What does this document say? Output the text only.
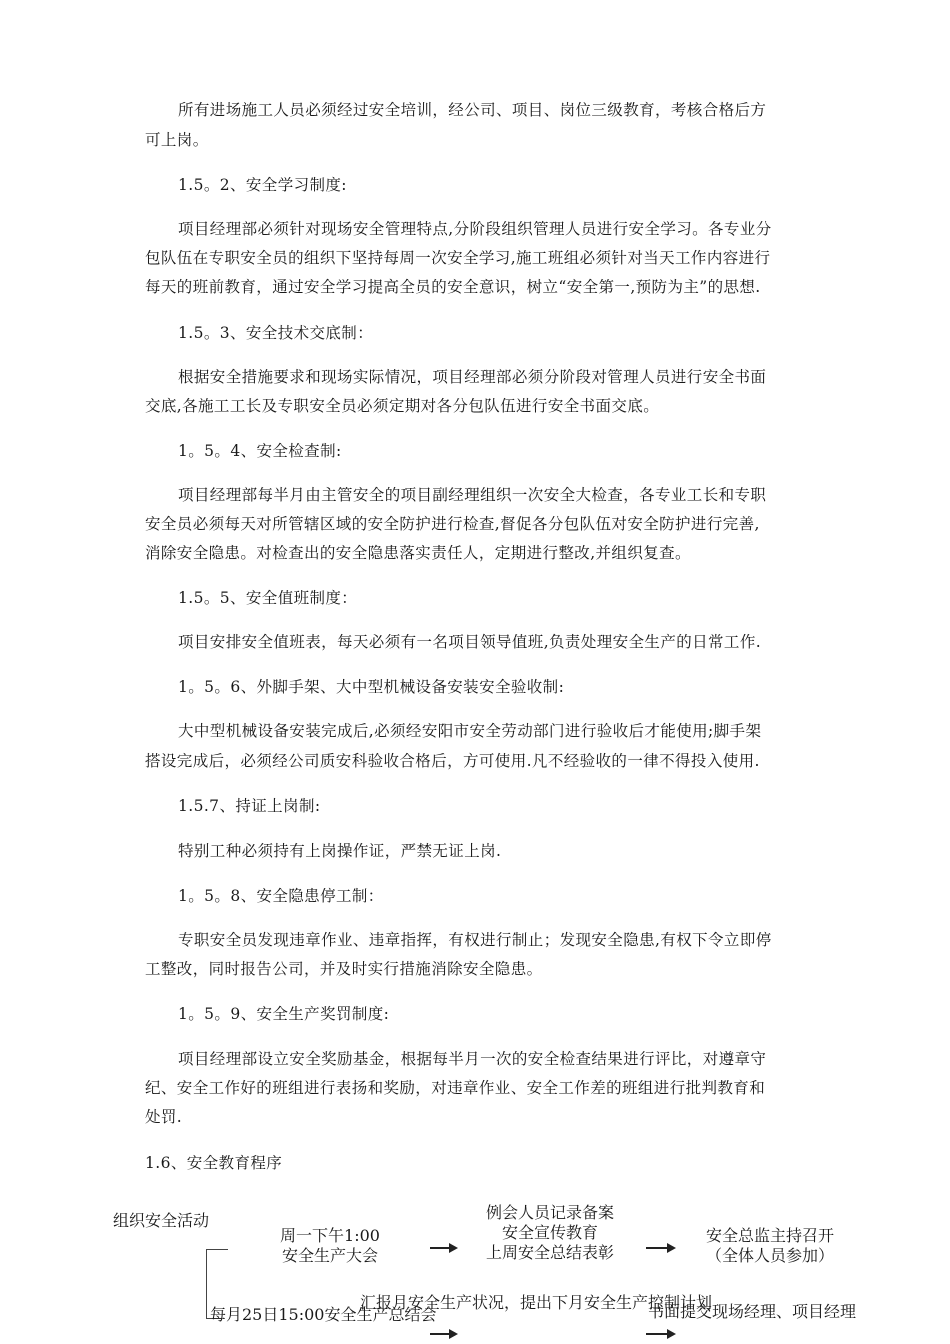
所有进场施工人员必须经过安全培训，经公司、项目、岗位三级教育，考核合格后方
可上岗。
1.5。2、安全学习制度:
项目经理部必须针对现场安全管理特点,分阶段组织管理人员进行安全学习。各专业分
包队伍在专职安全员的组织下坚持每周一次安全学习,施工班组必须针对当天工作内容进行
每天的班前教育，通过安全学习提高全员的安全意识，树立“安全第一,预防为主”的思想.
1.5。3、安全技术交底制：
根据安全措施要求和现场实际情况，项目经理部必须分阶段对管理人员进行安全书面
交底,各施工工长及专职安全员必须定期对各分包队伍进行安全书面交底。
1。5。4、安全检查制:
项目经理部每半月由主管安全的项目副经理组织一次安全大检查，各专业工长和专职
安全员必须每天对所管辖区域的安全防护进行检查,督促各分包队伍对安全防护进行完善,
消除安全隐患。对检查出的安全隐患落实责任人，定期进行整改,并组织复查。
1.5。5、安全值班制度：
项目安排安全值班表，每天必须有一名项目领导值班,负责处理安全生产的日常工作.
1。5。6、外脚手架、大中型机械设备安装安全验收制:
大中型机械设备安装完成后,必须经安阳市安全劳动部门进行验收后才能使用;脚手架
搭设完成后，必须经公司质安科验收合格后，方可使用.凡不经验收的一律不得投入使用.
1.5.7、持证上岗制:
特别工种必须持有上岗操作证，严禁无证上岗.
1。5。8、安全隐患停工制：
专职安全员发现违章作业、违章指挥，有权进行制止；发现安全隐患,有权下令立即停
工整改，同时报告公司，并及时实行措施消除安全隐患。
1。5。9、安全生产奖罚制度:
项目经理部设立安全奖励基金，根据每半月一次的安全检查结果进行评比，对遵章守
纪、安全工作好的班组进行表扬和奖励，对违章作业、安全工作差的班组进行批判教育和
处罚.
1.6、安全教育程序
组织安全活动
周一下午1:00
安全生产大会
例会人员记录备案
安全宣传教育
上周安全总结表彰
安全总监主持召开
（全体人员参加）
汇报月安全生产状况，提出下月安全生产控制计划
每月25日15:00安全生产总结会	书面提交现场经理、项目经理
